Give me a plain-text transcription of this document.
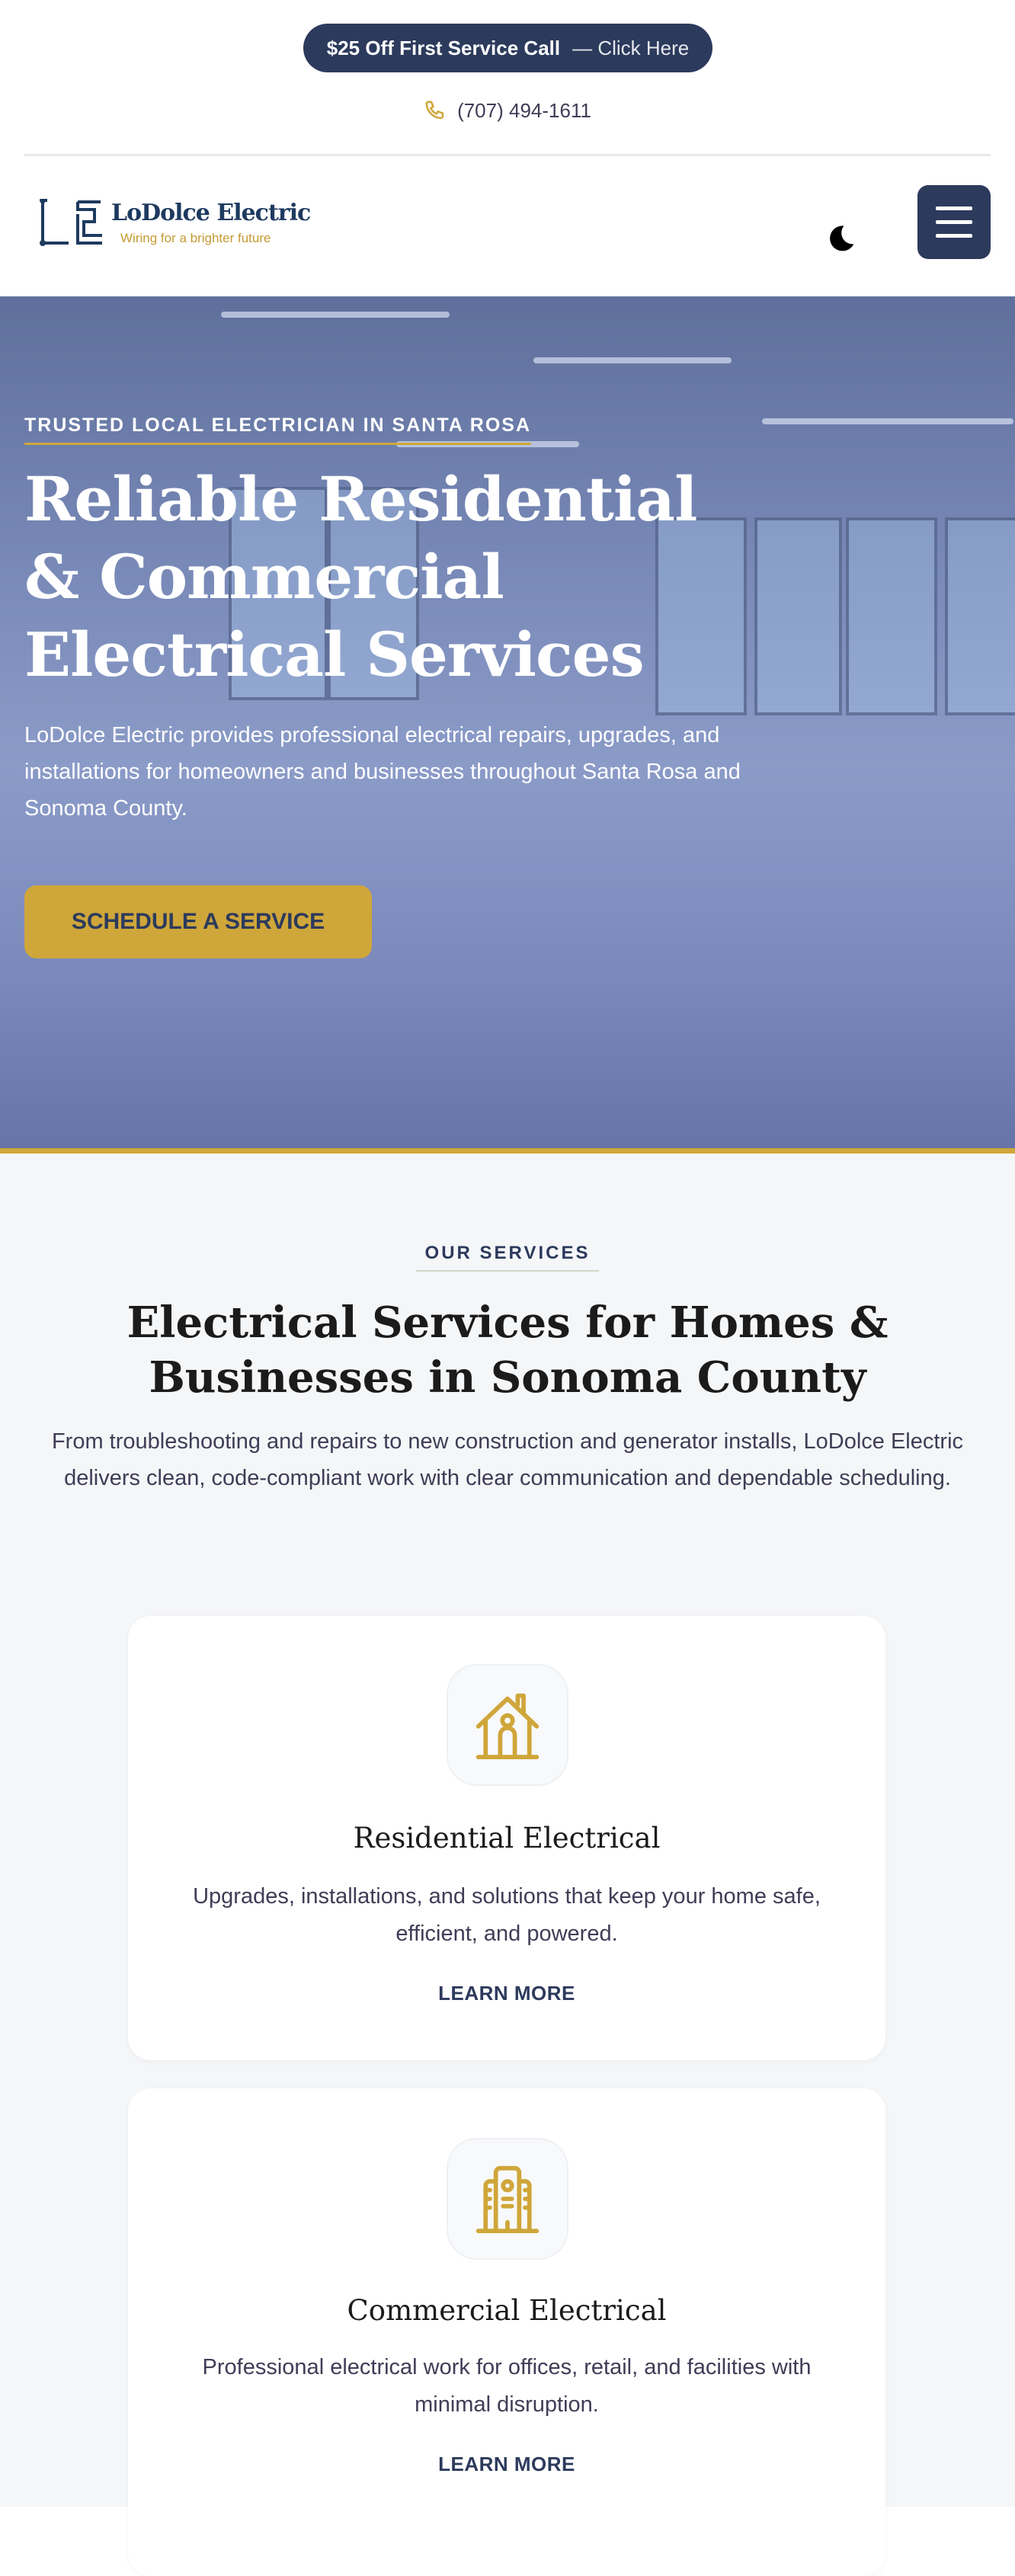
$25 Off First Service Call — Click Here
(707) 494-1611
LoDolce Electric
Wiring for a brighter future
TRUSTED LOCAL ELECTRICIAN IN SANTA ROSA
Reliable Residential & Commercial Electrical Services

LoDolce Electric provides professional electrical repairs, upgrades, and installations for homeowners and businesses throughout Santa Rosa and Sonoma County.

SCHEDULE A SERVICE
OUR SERVICES
Electrical Services for Homes & Businesses in Sonoma County

From troubleshooting and repairs to new construction and generator installs, LoDolce Electric delivers clean, code-compliant work with clear communication and dependable scheduling.

Residential Electrical
Upgrades, installations, and solutions that keep your home safe, efficient, and powered.
LEARN MORE
Commercial Electrical
Professional electrical work for offices, retail, and facilities with minimal disruption.
LEARN MORE
